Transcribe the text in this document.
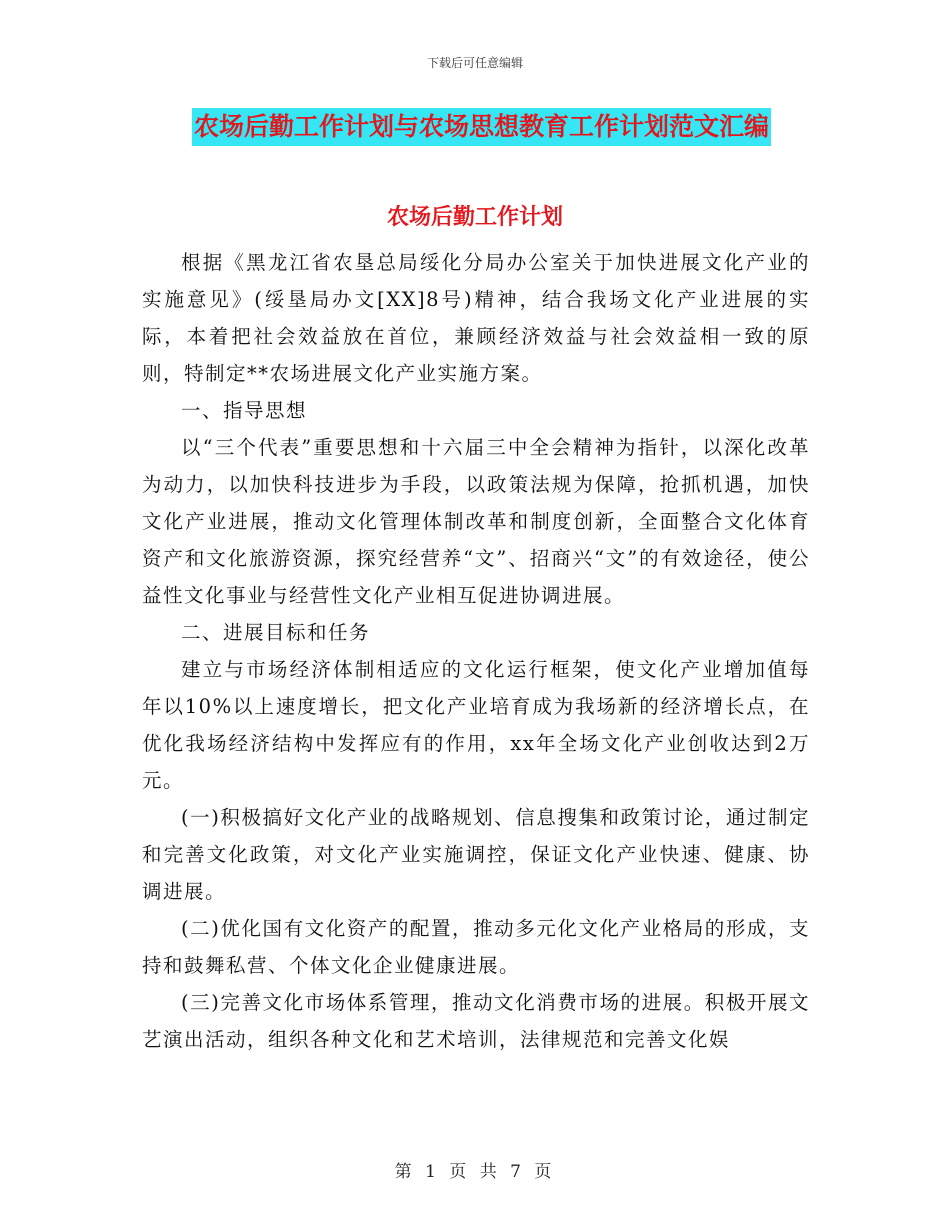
下载后可任意编辑
农场后勤工作计划与农场思想教育工作计划范文汇编
农场后勤工作计划

根据《黑龙江省农垦总局绥化分局办公室关于加快进展文化产业的实施意见》(绥垦局办文[XX]8号)精神，结合我场文化产业进展的实际，本着把社会效益放在首位，兼顾经济效益与社会效益相一致的原则，特制定**农场进展文化产业实施方案。

一、指导思想

以“三个代表”重要思想和十六届三中全会精神为指针，以深化改革为动力，以加快科技进步为手段，以政策法规为保障，抢抓机遇，加快文化产业进展，推动文化管理体制改革和制度创新，全面整合文化体育资产和文化旅游资源，探究经营养“文”、招商兴“文”的有效途径，使公益性文化事业与经营性文化产业相互促进协调进展。

二、进展目标和任务

建立与市场经济体制相适应的文化运行框架，使文化产业增加值每年以10%以上速度增长，把文化产业培育成为我场新的经济增长点，在优化我场经济结构中发挥应有的作用，xx年全场文化产业创收达到2万元。

(一)积极搞好文化产业的战略规划、信息搜集和政策讨论，通过制定和完善文化政策，对文化产业实施调控，保证文化产业快速、健康、协调进展。

(二)优化国有文化资产的配置，推动多元化文化产业格局的形成，支持和鼓舞私营、个体文化企业健康进展。

(三)完善文化市场体系管理，推动文化消费市场的进展。积极开展文艺演出活动，组织各种文化和艺术培训，法律规范和完善文化娱

第 1 页 共 7 页
